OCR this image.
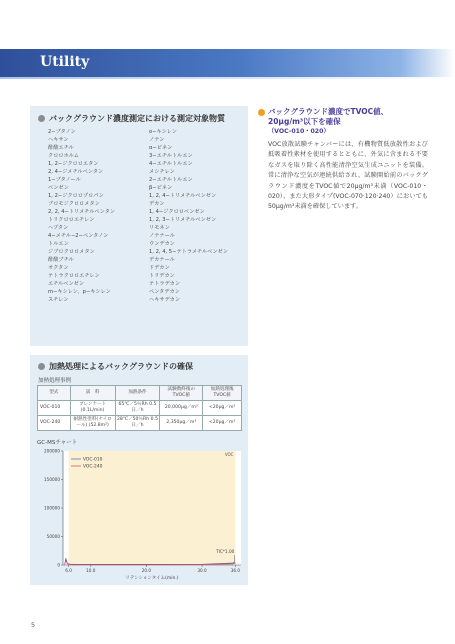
Utility
バックグラウンド濃度測定における測定対象物質
2−ブタノン
ヘキサン
酢酸エチル
クロロホルム
1, 2−ジクロロエタン
2, 4−ジメチルペンタン
1−ブタノール
ベンゼン
1, 2−ジクロロプロパン
ブロモジクロロメタン
2, 2, 4−トリメチルペンタン
トリクロロエチレン
ヘプタン
4−メチル−2−ペンタノン
トルエン
ジブロクロロメタン
酢酸ブチル
オクタン
テトラクロロエチレン
エチルベンゼン
m−キシレン、p−キシレン
スチレン
o−キシレン
ノナン
α−ピネン
3−エチルトルエン
4−エチルトルエン
メシチレン
2−エチルトルエン
β−ピネン
1, 2, 4−トリメチルベンゼン
デカン
1, 4−ジクロロベンゼン
1, 2, 3−トリメチルベンゼン
リモネン
ノナナール
ウンデカン
1, 2, 4, 5−テトラメチルベンゼン
デカナール
ドデカン
トリデカン
テトラデカン
ペンタデカン
ヘキサデカン
加熱処理によるバックグラウンドの確保
加熱処理事例
型式	試　料	加熱条件	試験数終後の TVOC値	加熱処理後 TVOC値
VOC-010	ブレンケート (0.1L/min)	65℃／5％Rh 0.5日／h	20,000μg／m³	<20μg／m³
VOC-240	耐熱性塗料(ナイロール) (52.8m²)	28℃／50％Rh 0.5日／h	2,350μg／m³	<20μg／m³
GC-MSチャート
VOC
0
50000
100000
150000
200000
6.0	10.0	20.0	30.0	36.0
リテンションタイム(min.)
VOC-010
VOC-240
TIC*1.00
バックグラウンド濃度でTVOC値、
20μg/m³以下を確保
（VOC-010・020）
VOC放散試験チャンバーには、有機物質低放散性および抵吸着性素材を使用するとともに、外気に含まれる不要なガスを取り除く高性能清浄空気生成ユニットを装備。常に清浄な空気が連続供給され、試験開始前のバックグラウンド濃度をTVOC値で20μg/m³未満（VOC-010・020）、また大形タイプ(VOC-070·120·240）においても50μg/m³未満を確保しています。
5
